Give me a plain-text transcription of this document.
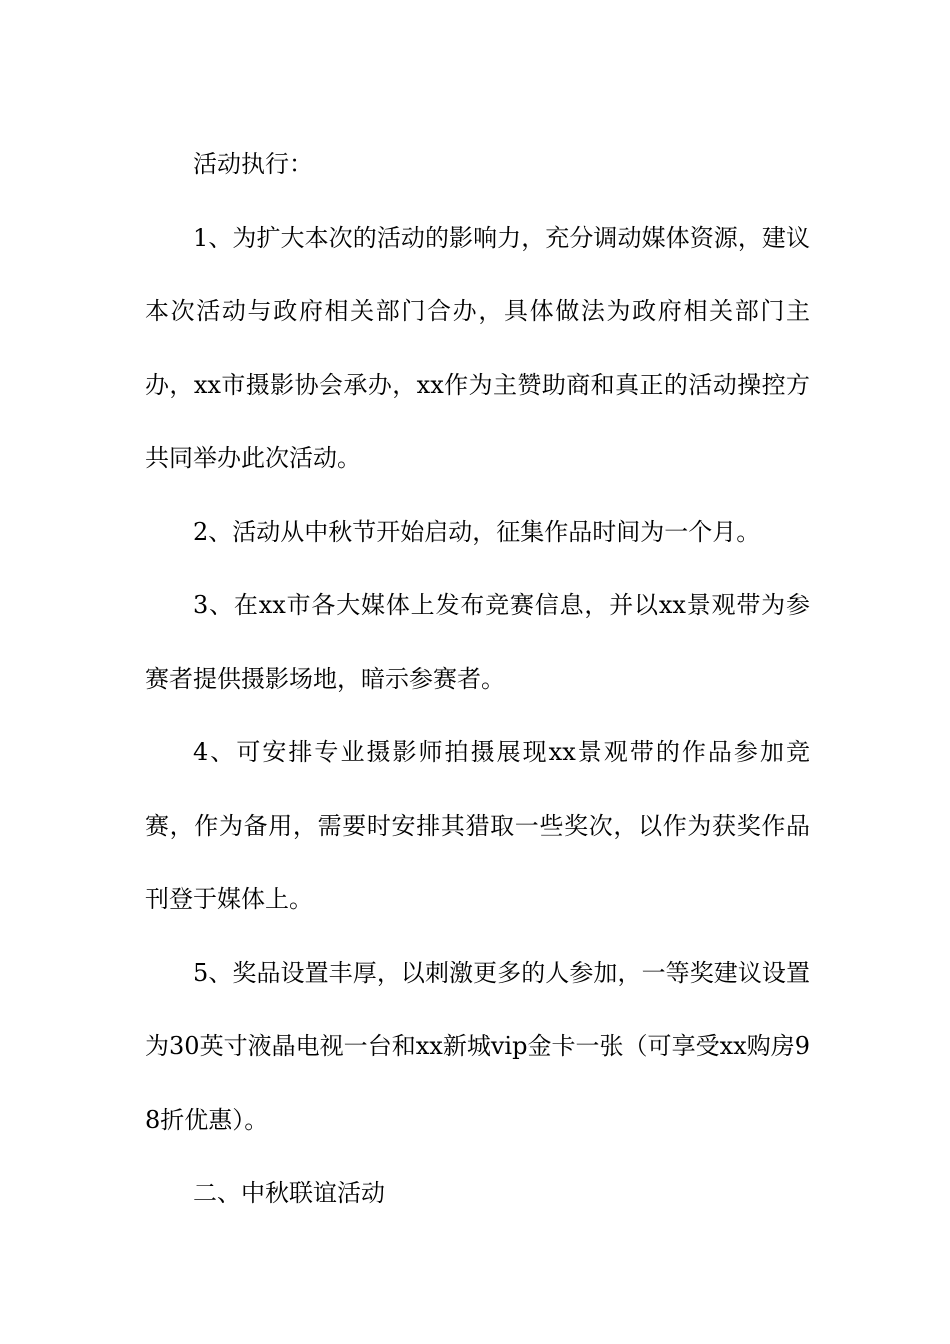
活动执行：

1、为扩大本次的活动的影响力，充分调动媒体资源，建议本次活动与政府相关部门合办，具体做法为政府相关部门主办，xx市摄影协会承办，xx作为主赞助商和真正的活动操控方共同举办此次活动。

2、活动从中秋节开始启动，征集作品时间为一个月。

3、在xx市各大媒体上发布竞赛信息，并以xx景观带为参赛者提供摄影场地，暗示参赛者。

4、可安排专业摄影师拍摄展现xx景观带的作品参加竞赛，作为备用，需要时安排其猎取一些奖次，以作为获奖作品刊登于媒体上。

5、奖品设置丰厚，以刺激更多的人参加，一等奖建议设置为30英寸液晶电视一台和xx新城vip金卡一张（可享受xx购房98折优惠）。

二、中秋联谊活动
